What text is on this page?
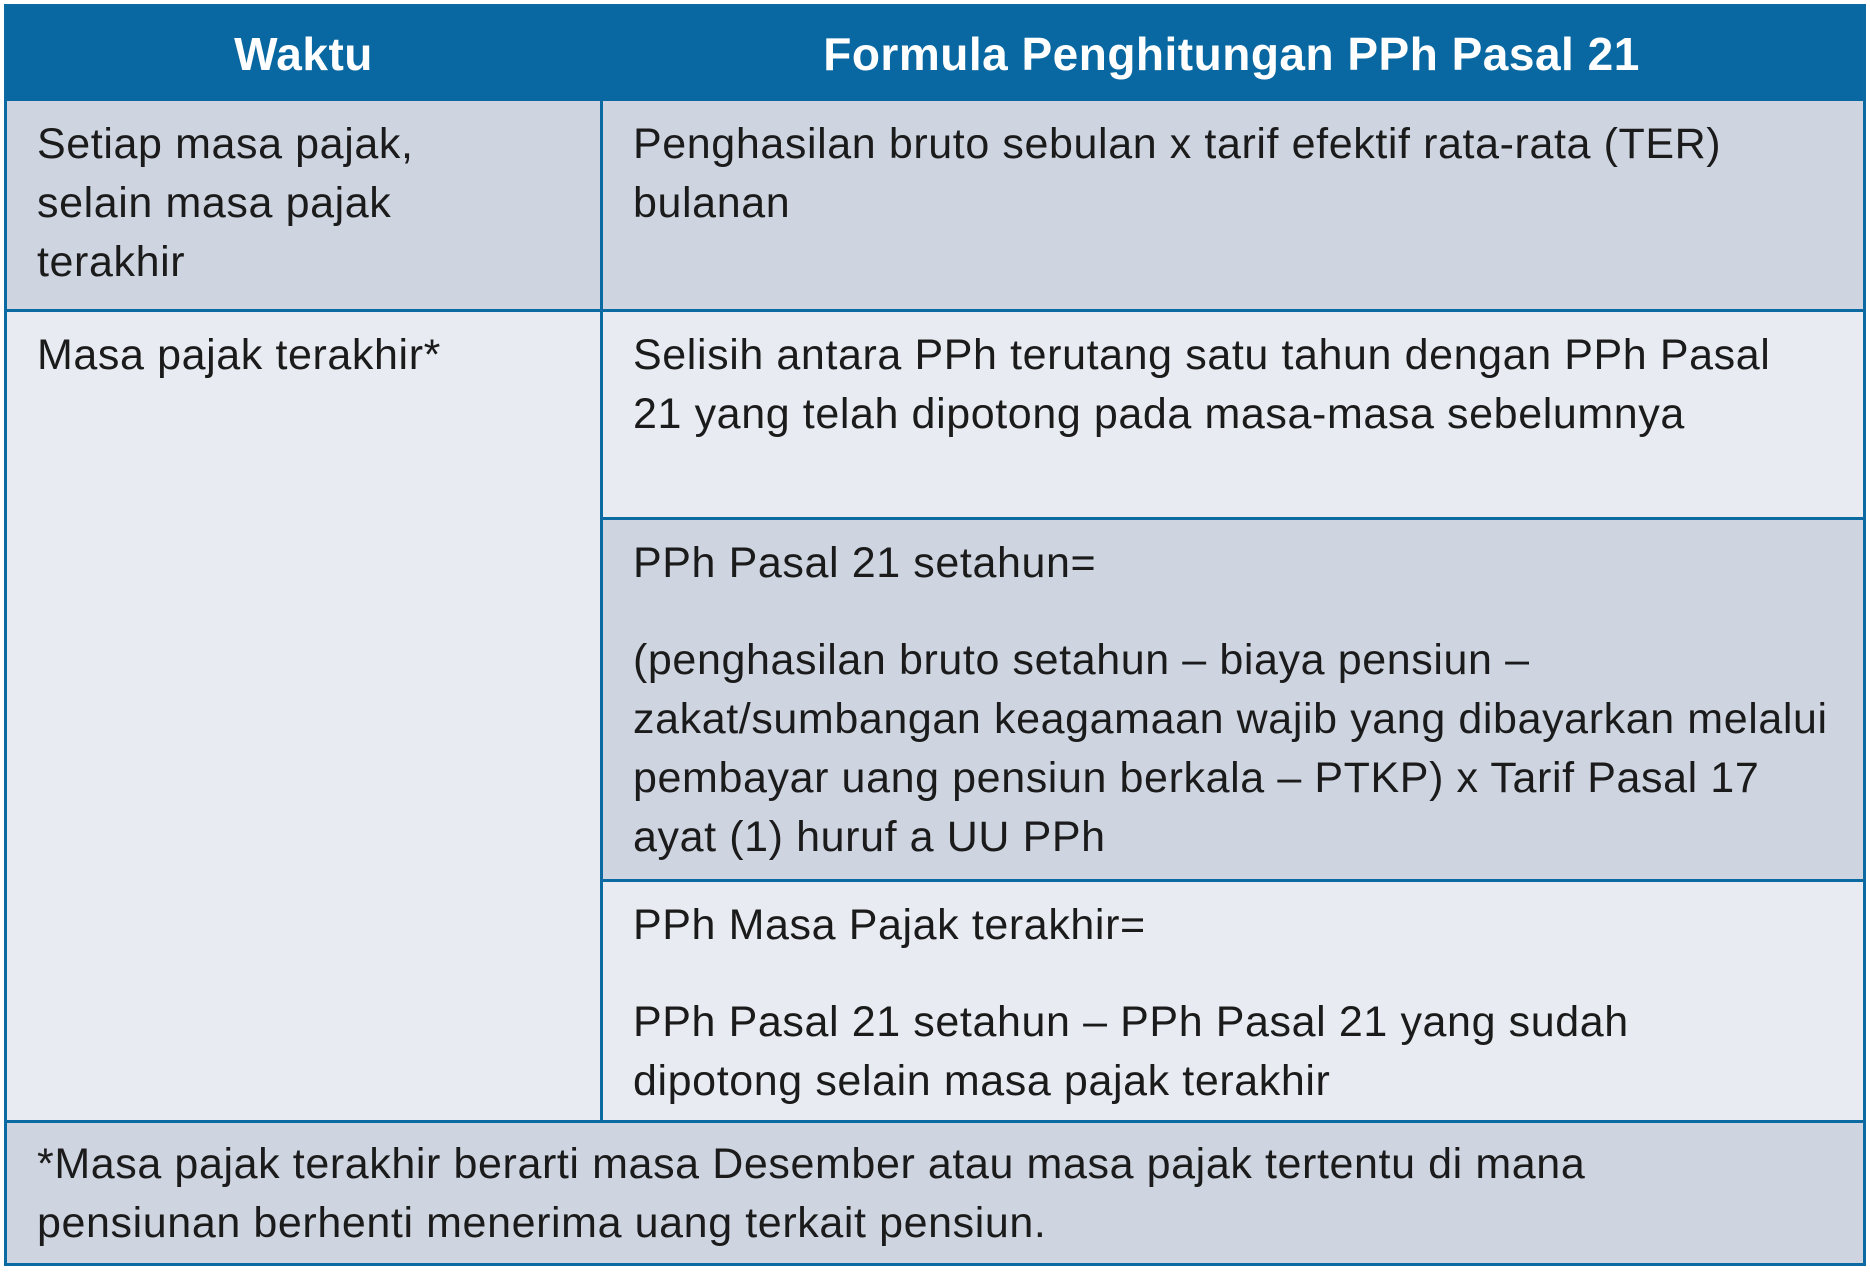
Waktu	Formula Penghitungan PPh Pasal 21
Setiap masa pajak, selain masa pajak terakhir
Penghasilan bruto sebulan x tarif efektif rata-rata (TER) bulanan
Masa pajak terakhir*	Selisih antara PPh terutang satu tahun dengan PPh Pasal 21 yang telah dipotong pada masa-masa sebelumnya
PPh Pasal 21 setahun=
(penghasilan bruto setahun – biaya pensiun – zakat/sumbangan keagamaan wajib yang dibayarkan melalui pembayar uang pensiun berkala – PTKP) x Tarif Pasal 17 ayat (1) huruf a UU PPh
PPh Masa Pajak terakhir=
PPh Pasal 21 setahun – PPh Pasal 21 yang sudah dipotong selain masa pajak terakhir
*Masa pajak terakhir berarti masa Desember atau masa pajak tertentu di mana pensiunan berhenti menerima uang terkait pensiun.
